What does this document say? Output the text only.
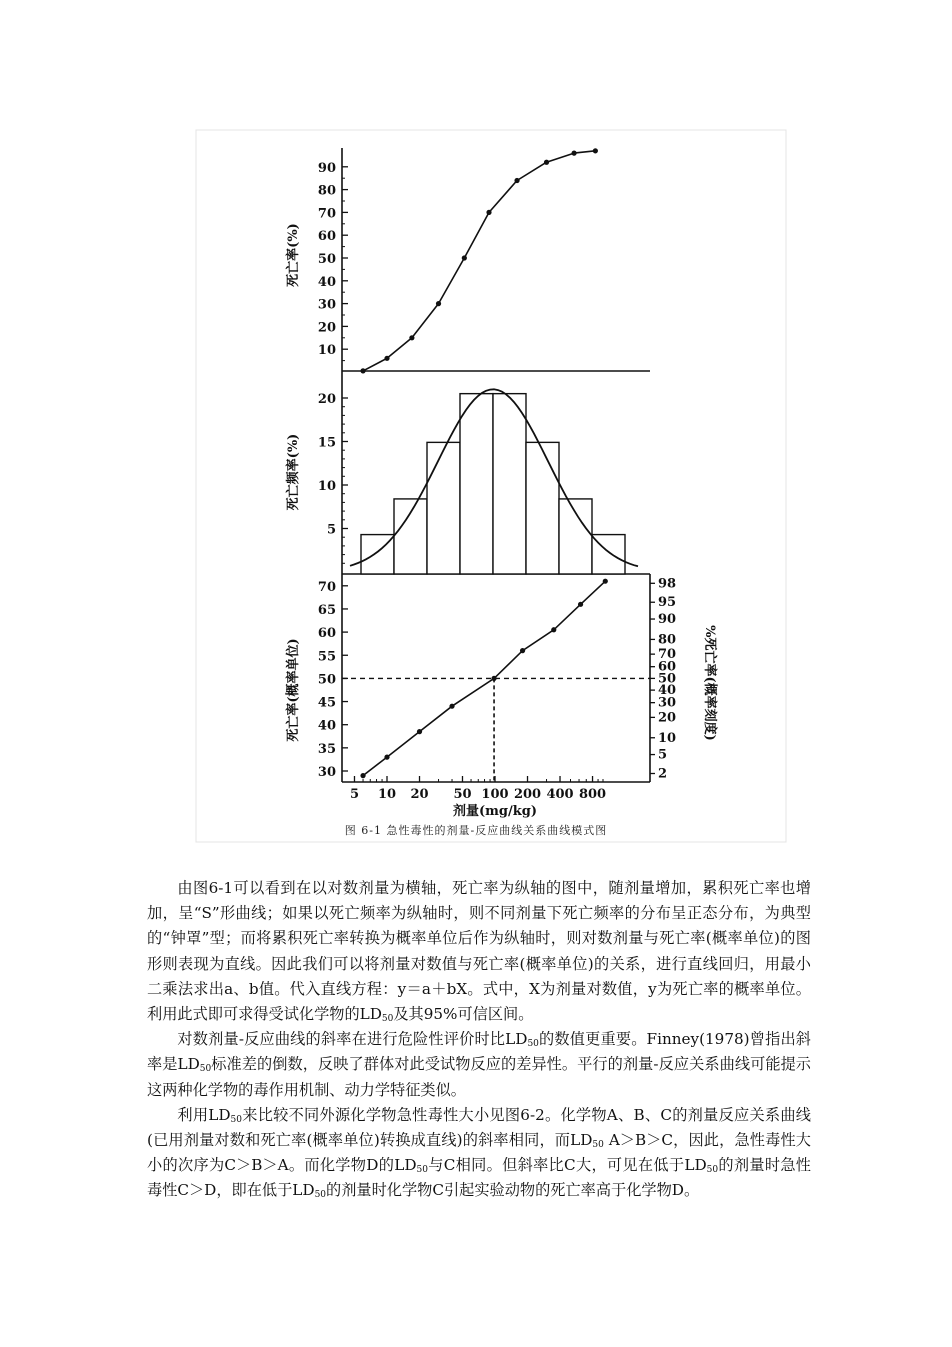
10
20
30
40
50
60
70
80
90
5
10
15
20
30
35
40
45
50
55
60
65
70
2
5
10
20
30
40
50
60
70
80
90
95
98
5 10 20 50 100 200 400 800
死亡率(%)
死亡频率(%)
死亡率(概率单位)	%死亡率(概率刻度)
剂量(mg/kg)
图 6-1 急性毒性的剂量-反应曲线关系曲线模式图

由图6-1可以看到在以对数剂量为横轴，死亡率为纵轴的图中，随剂量增加，累积死亡率也增加，呈“S”形曲线；如果以死亡频率为纵轴时，则不同剂量下死亡频率的分布呈正态分布，为典型的“钟罩”型；而将累积死亡率转换为概率单位后作为纵轴时，则对数剂量与死亡率(概率单位)的图形则表现为直线。因此我们可以将剂量对数值与死亡率(概率单位)的关系，进行直线回归，用最小二乘法求出a、b值。代入直线方程：y＝a＋bX。式中，X为剂量对数值，y为死亡率的概率单位。利用此式即可求得受试化学物的$LD_{50}$及其95%可信区间。

对数剂量-反应曲线的斜率在进行危险性评价时比$LD_{50}$的数值更重要。Finney(1978)曾指出斜率是$LD_{50}$标准差的倒数，反映了群体对此受试物反应的差异性。平行的剂量-反应关系曲线可能提示这两种化学物的毒作用机制、动力学特征类似。

利用$LD_{50}$来比较不同外源化学物急性毒性大小见图6-2。化学物A、B、C的剂量反应关系曲线(已用剂量对数和死亡率(概率单位)转换成直线)的斜率相同，而$LD_{50}$ A＞B＞C，因此，急性毒性大小的次序为C＞B＞A。而化学物D的$LD_{50}$与C相同。但斜率比C大，可见在低于$LD_{50}$的剂量时急性毒性C＞D，即在低于$LD_{50}$的剂量时化学物C引起实验动物的死亡率高于化学物D。
